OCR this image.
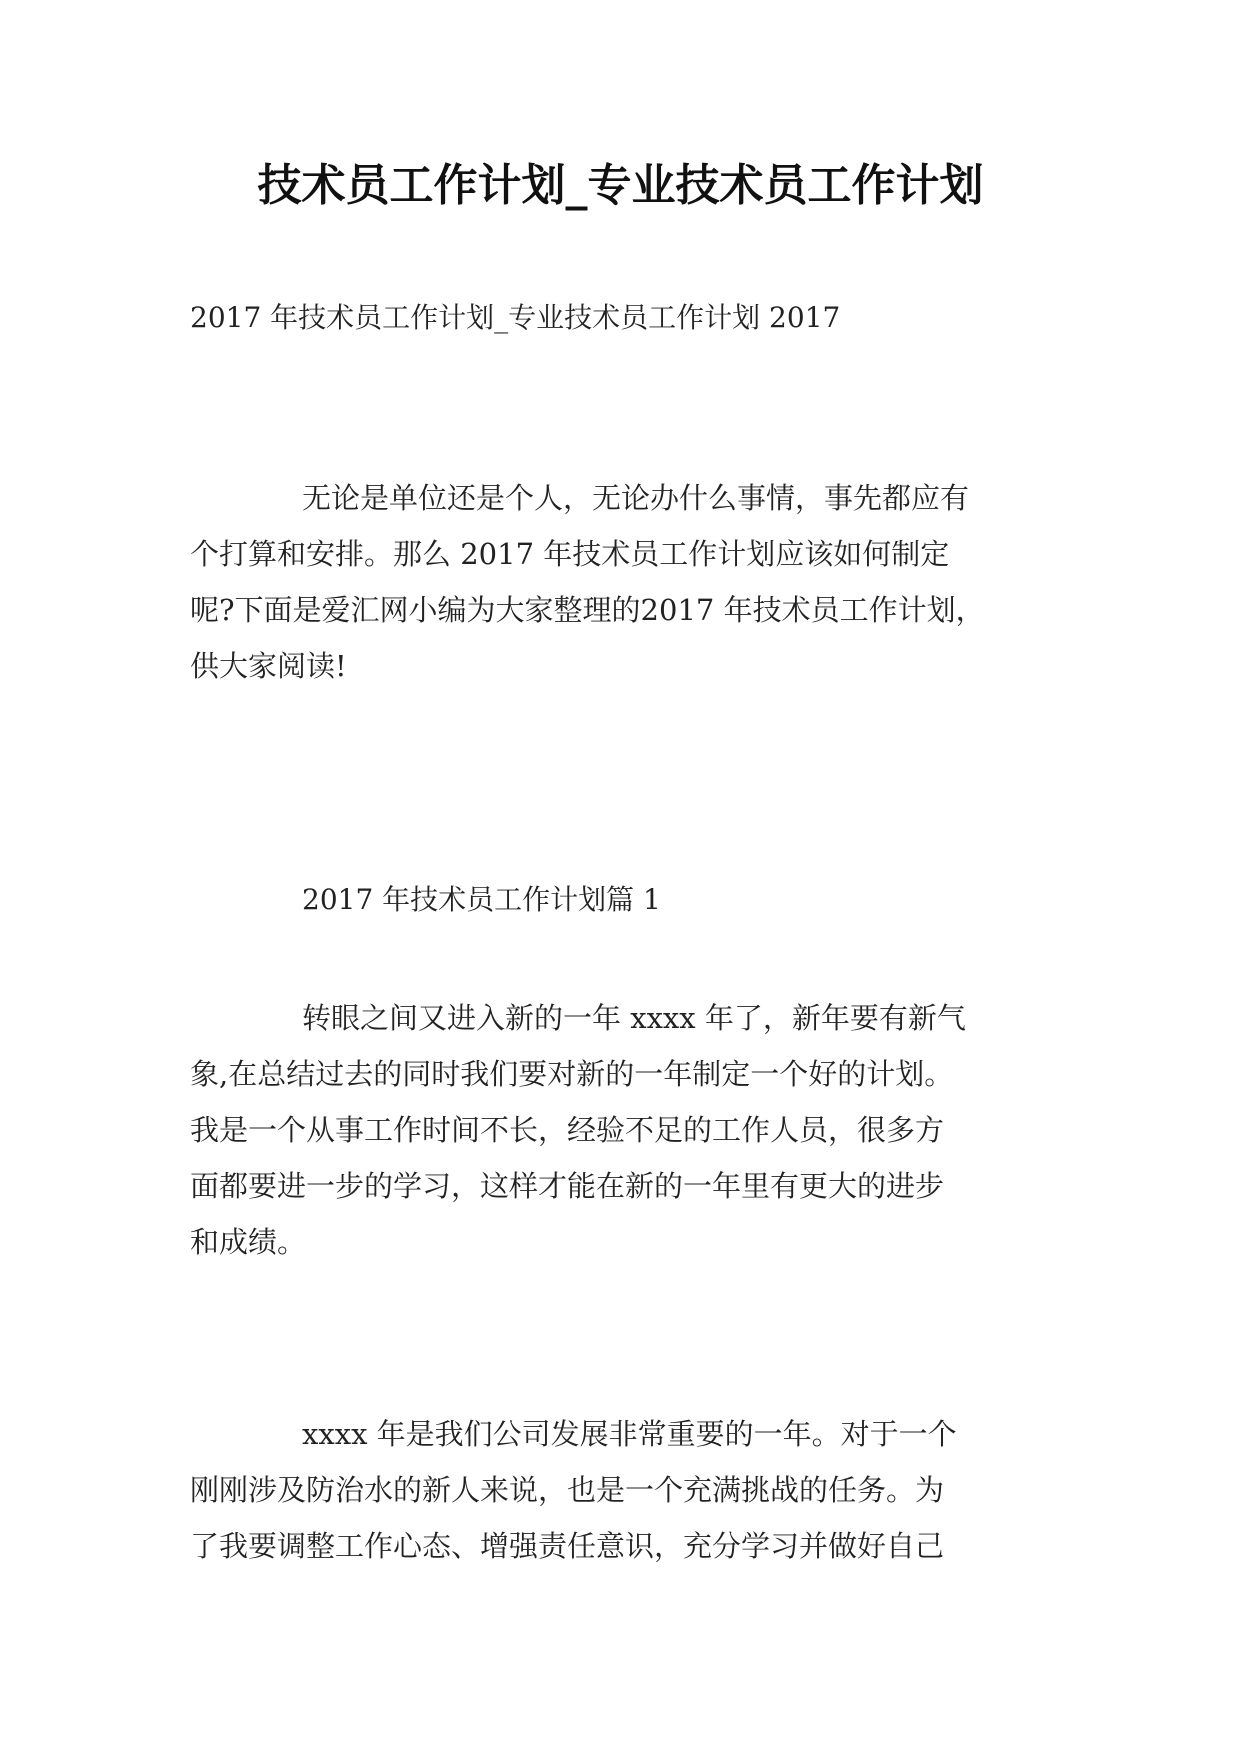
技术员工作计划_专业技术员工作计划
2017 年技术员工作计划_专业技术员工作计划 2017
无论是单位还是个人，无论办什么事情，事先都应有
个打算和安排。那么 2017 年技术员工作计划应该如何制定
呢?下面是爱汇网小编为大家整理的2017 年技术员工作计划，
供大家阅读!
2017 年技术员工作计划篇 1
转眼之间又进入新的一年 xxxx 年了，新年要有新气
象,在总结过去的同时我们要对新的一年制定一个好的计划。
我是一个从事工作时间不长，经验不足的工作人员，很多方
面都要进一步的学习，这样才能在新的一年里有更大的进步
和成绩。
xxxx 年是我们公司发展非常重要的一年。对于一个
刚刚涉及防治水的新人来说，也是一个充满挑战的任务。为
了我要调整工作心态、增强责任意识，充分学习并做好自己
